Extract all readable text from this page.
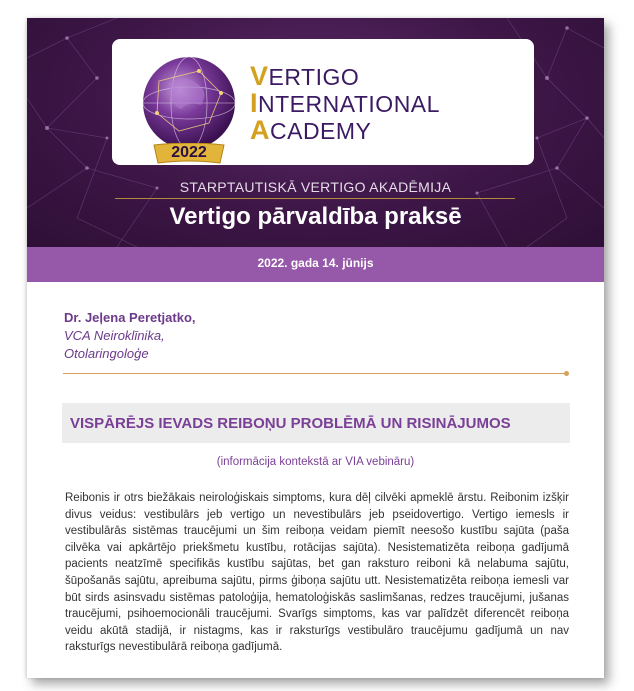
2022
VERTIGO
INTERNATIONAL
ACADEMY
STARPTAUTISKĀ VERTIGO AKADĒMIJA
Vertigo pārvaldība praksē
2022. gada 14. jūnijs
Dr. Jeļena Peretjatko,
VCA Neiroklīnika,
Otolaringoloģe
VISPĀRĒJS IEVADS REIBOŅU PROBLĒMĀ UN RISINĀJUMOS
(informācija kontekstā ar VIA vebināru)
Reibonis ir otrs biežākais neiroloģiskais simptoms, kura dēļ cilvēki apmeklē ārstu. Reibonim izšķir divus veidus: vestibulārs jeb vertigo un nevestibulārs jeb pseidovertigo. Vertigo iemesls ir vestibulārās sistēmas traucējumi un šim reiboņa veidam piemīt neesošo kustību sajūta (paša cilvēka vai apkārtējo priekšmetu kustību, rotācijas sajūta). Nesistematizēta reiboņa gadījumā pacients neatzīmē specifikās kustību sajūtas, bet gan raksturo reiboni kā nelabuma sajūtu, šūpošanās sajūtu, apreibuma sajūtu, pirms ģiboņa sajūtu utt. Nesistematizēta reiboņa iemesli var būt sirds asinsvadu sistēmas patoloģija, hematoloģiskās saslimšanas, redzes traucējumi, jušanas traucējumi, psihoemocionāli traucējumi. Svarīgs simptoms, kas var palīdzēt diferencēt reiboņa veidu akūtā stadijā, ir nistagms, kas ir raksturīgs vestibulāro traucējumu gadījumā un nav raksturīgs nevestibulārā reiboņa gadījumā.
